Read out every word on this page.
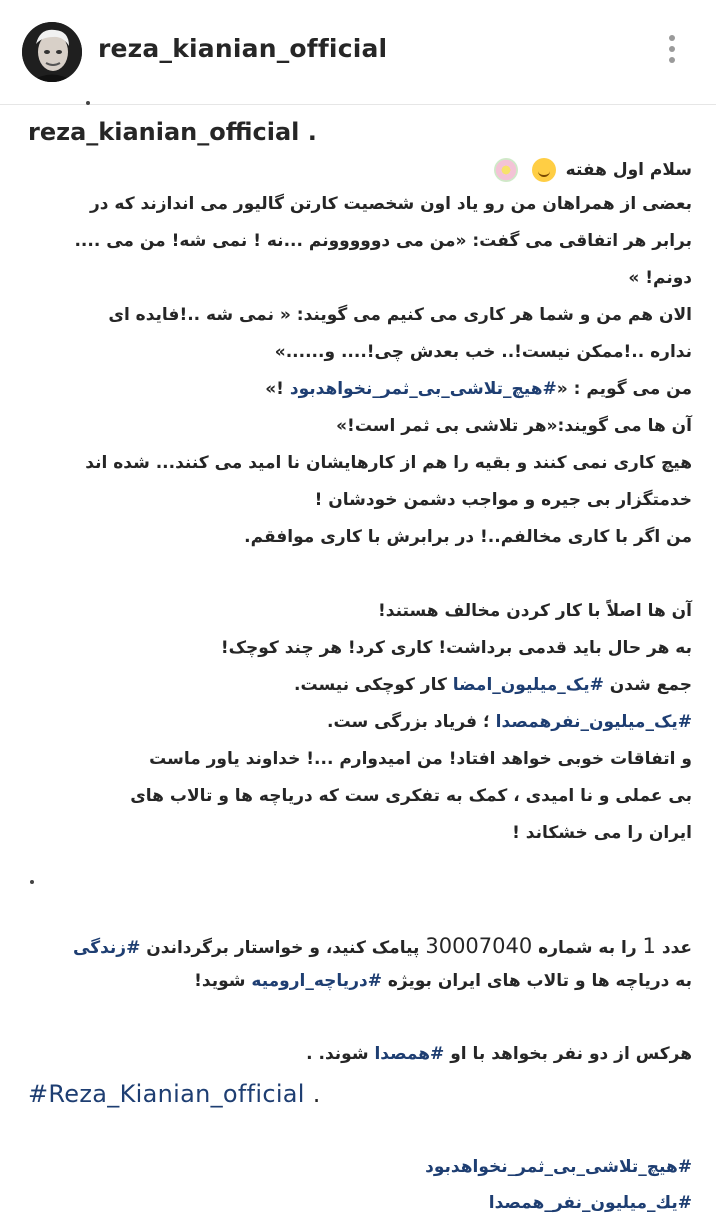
reza_kianian_official
reza_kianian_official .
سلام اول هفته
بعضی از همراهان من رو یاد اون شخصیت کارتن گالیور می اندازند که در
برابر هر اتفاقی می گفت: «من می دووووونم ...نه ! نمی شه! من می ....
دونم! »
الان هم من و شما هر کاری می کنیم می گویند: « نمی شه ..!فایده ای
نداره ..!ممکن نیست!.. خب بعدش چی!.... و......»
من می گویم : «#هیچ_تلاشی_بی_ثمر_نخواهدبود !»
آن ها می گویند:«هر تلاشی بی ثمر است!»
هیچ کاری نمی کنند و بقیه را هم از کارهایشان نا امید می کنند... شده اند
خدمتگزار بی جیره و مواجب دشمن خودشان !
من اگر با کاری مخالفم..! در برابرش با کاری موافقم.
آن ها اصلاً با کار کردن مخالف هستند!
به هر حال باید قدمی برداشت! کاری کرد! هر چند کوچک!
جمع شدن #یک_میلیون_امضا کار کوچکی نیست.
#یک_میلیون_نفرهمصدا ؛ فریاد بزرگی ست.
و اتفاقات خوبی خواهد افتاد! من امیدوارم ...! خداوند یاور ماست
بی عملی و نا امیدی ، کمک به تفکری ست که دریاچه ها و تالاب های
ایران را می خشکاند !
عدد 1 را به شماره 30007040 پیامک کنید، و خواستار برگرداندن #زندگی
به دریاچه ها و تالاب های ایران بویژه #دریاچه_ارومیه شوید!
هرکس از دو نفر بخواهد با او #همصدا شوند. .
#Reza_Kianian_official .
#هیچ_تلاشی_بی_ثمر_نخواهدبود
#یك_میلیون_نفر_همصدا
